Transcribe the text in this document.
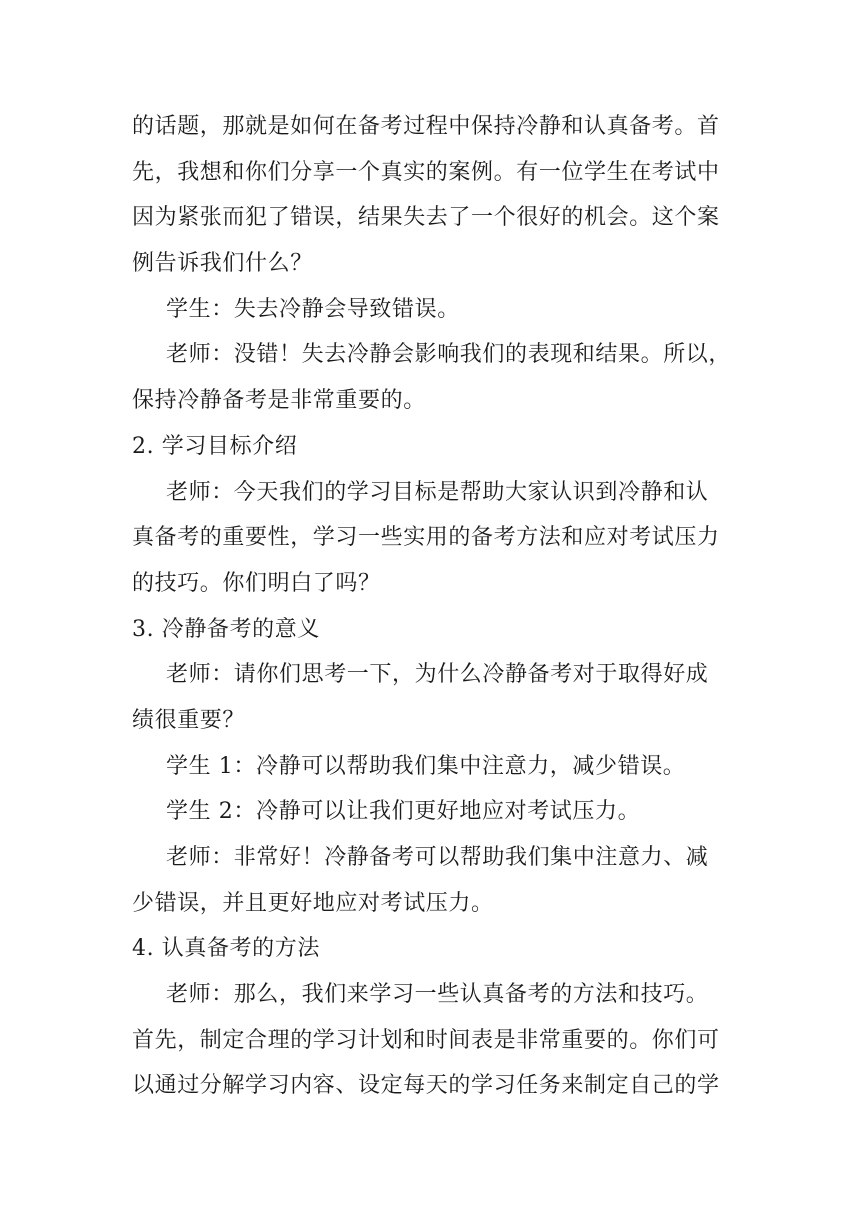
的话题，那就是如何在备考过程中保持冷静和认真备考。首
先，我想和你们分享一个真实的案例。有一位学生在考试中
因为紧张而犯了错误，结果失去了一个很好的机会。这个案
例告诉我们什么？
学生：失去冷静会导致错误。
老师：没错！失去冷静会影响我们的表现和结果。所以，
保持冷静备考是非常重要的。
2. 学习目标介绍
老师：今天我们的学习目标是帮助大家认识到冷静和认
真备考的重要性，学习一些实用的备考方法和应对考试压力
的技巧。你们明白了吗？
3. 冷静备考的意义
老师：请你们思考一下，为什么冷静备考对于取得好成
绩很重要？
学生 1：冷静可以帮助我们集中注意力，减少错误。
学生 2：冷静可以让我们更好地应对考试压力。
老师：非常好！冷静备考可以帮助我们集中注意力、减
少错误，并且更好地应对考试压力。
4. 认真备考的方法
老师：那么，我们来学习一些认真备考的方法和技巧。
首先，制定合理的学习计划和时间表是非常重要的。你们可
以通过分解学习内容、设定每天的学习任务来制定自己的学
